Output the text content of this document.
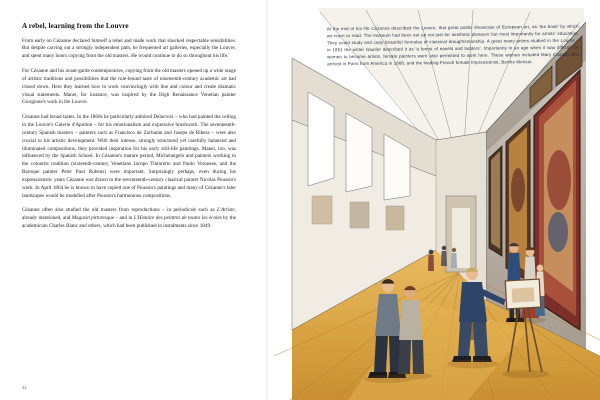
A rebel, learning from the Louvre

From early on Cézanne declared himself a rebel and made work that shocked respectable sensibilities. But despite carving out a strongly independent path, he frequented art galleries, especially the Louvre, and spent many hours copying from the old masters. He would continue to do so throughout his life.

For Cézanne and his avant-garde contemporaries, copying from the old masters opened up a wide range of artistic traditions and possibilities that the rule-bound taste of nineteenth-century academic art had closed down. Here they learned how to work convincingly with line and colour and create dramatic visual statements. Manet, for instance, was inspired by the High Renaissance Venetian painter Giorgione's work in the Louvre.

Cézanne had broad tastes. In the 1860s he particularly admired Delacroix – who had painted the ceiling in the Louvre's Galerie d'Apollon – for his emotionalism and expressive brushwork. The seventeenth-century Spanish masters – painters such as Francisco de Zurbarán and Jusepe de Ribera – were also crucial to his artistic development. With their intense, strongly structured yet carefully balanced and illuminated compositions, they provided inspiration for his early still-life paintings. Manet, too, was influenced by the Spanish School. In Cézanne's mature period, Michelangelo and painters working in the colourist tradition (sixteenth-century Venetians Jacopo Tintoretto and Paolo Veronese, and the Baroque painter Peter Paul Rubens) were important. Surprisingly perhaps, even during his expressionistic years Cézanne was drawn to the seventeenth-century classical painter Nicolas Poussin's work. In April 1864 he is known to have copied one of Poussin's paintings and many of Cézanne's later landscapes would be modelled after Poussin's harmonious compositions.

Cézanne often also studied the old masters from reproductions – in periodicals such as L'Artiste, already mentioned, and Magasin pittoresque – and in L'Histoire des peintres de toutes les écoles by the academician Charles Blanc and others, which had been published in instalments since 1849.

22
At the end of his life Cézanne described the Louvre, that great public showcase of European art, as 'the book' by which we learn to read. The museum had been set up not just for aesthetic pleasure but most importantly for artists' education. They could study and copy beautiful formulas of classical draughtsmanship. A great many artists studied in the Louvre – in 1851 the writer Gautier described it as 'a forest of easels and ladders'. Importantly in an age when it was difficult for women to become artists, female painters were also permitted to work here. These women included Mary Cassatt who arrived in Paris from America in 1866, and the leading French female Impressionist, Berthe Morisot.
